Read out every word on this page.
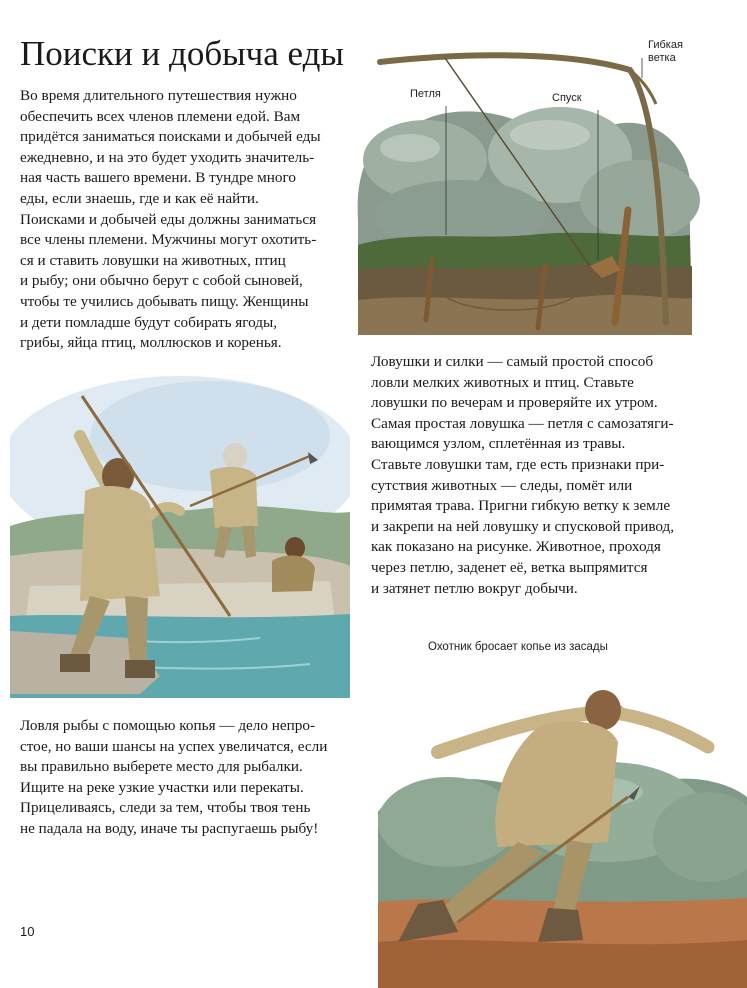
Поиски и добыча еды

Во время длительного путешествия нужно
обеспечить всех членов племени едой. Вам
придётся заниматься поисками и добычей еды
ежедневно, и на это будет уходить значитель-
ная часть вашего времени. В тундре много
еды, если знаешь, где и как её найти.
Поисками и добычей еды должны заниматься
все члены племени. Мужчины могут охотить-
ся и ставить ловушки на животных, птиц
и рыбу; они обычно берут с собой сыновей,
чтобы те учились добывать пищу. Женщины
и дети помладше будут собирать ягоды,
грибы, яйца птиц, моллюсков и коренья.

Гибкая
ветка
Петля	Спуск

Ловушки и силки — самый простой способ
ловли мелких животных и птиц. Ставьте
ловушки по вечерам и проверяйте их утром.
Самая простая ловушка — петля с самозатяги-
вающимся узлом, сплетённая из травы.
Ставьте ловушки там, где есть признаки при-
сутствия животных — следы, помёт или
примятая трава. Пригни гибкую ветку к земле
и закрепи на ней ловушку и спусковой привод,
как показано на рисунке. Животное, проходя
через петлю, заденет её, ветка выпрямится
и затянет петлю вокруг добычи.

Охотник бросает копье из засады

Ловля рыбы с помощью копья — дело непро-
стое, но ваши шансы на успех увеличатся, если
вы правильно выберете место для рыбалки.
Ищите на реке узкие участки или перекаты.
Прицеливаясь, следи за тем, чтобы твоя тень
не падала на воду, иначе ты распугаешь рыбу!

10
